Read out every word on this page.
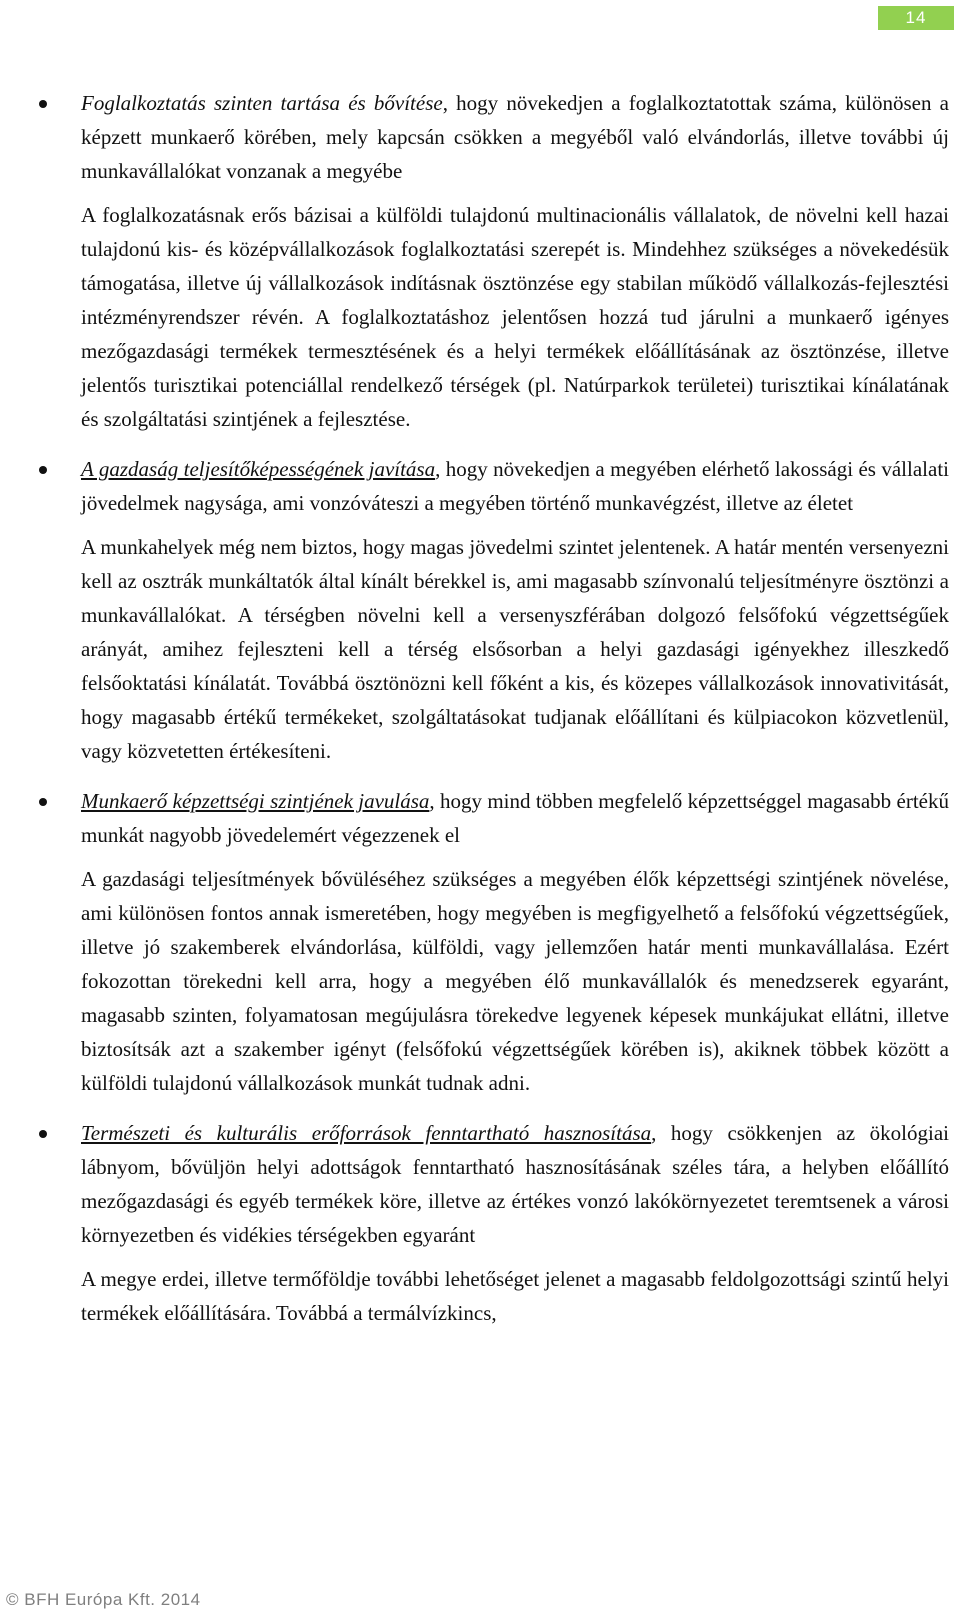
14

Foglalkoztatás szinten tartása és bővítése, hogy növekedjen a foglalkoztatottak száma, különösen a képzett munkaerő körében, mely kapcsán csökken a megyéből való elvándorlás, illetve további új munkavállalókat vonzanak a megyébe

A foglalkozatásnak erős bázisai a külföldi tulajdonú multinacionális vállalatok, de növelni kell hazai tulajdonú kis- és középvállalkozások foglalkoztatási szerepét is. Mindehhez szükséges a növekedésük támogatása, illetve új vállalkozások indításnak ösztönzése egy stabilan működő vállalkozás-fejlesztési intézményrendszer révén. A foglalkoztatáshoz jelentősen hozzá tud járulni a munkaerő igényes mezőgazdasági termékek termesztésének és a helyi termékek előállításának az ösztönzése, illetve jelentős turisztikai potenciállal rendelkező térségek (pl. Natúrparkok területei) turisztikai kínálatának és szolgáltatási szintjének a fejlesztése.

A gazdaság teljesítőképességének javítása, hogy növekedjen a megyében elérhető lakossági és vállalati jövedelmek nagysága, ami vonzóváteszi a megyében történő munkavégzést, illetve az életet

A munkahelyek még nem biztos, hogy magas jövedelmi szintet jelentenek. A határ mentén versenyezni kell az osztrák munkáltatók által kínált bérekkel is, ami magasabb színvonalú teljesítményre ösztönzi a munkavállalókat. A térségben növelni kell a versenyszférában dolgozó felsőfokú végzettségűek arányát, amihez fejleszteni kell a térség elsősorban a helyi gazdasági igényekhez illeszkedő felsőoktatási kínálatát. Továbbá ösztönözni kell főként a kis, és közepes vállalkozások innovativitását, hogy magasabb értékű termékeket, szolgáltatásokat tudjanak előállítani és külpiacokon közvetlenül, vagy közvetetten értékesíteni.

Munkaerő képzettségi szintjének javulása, hogy mind többen megfelelő képzettséggel magasabb értékű munkát nagyobb jövedelemért végezzenek el

A gazdasági teljesítmények bővüléséhez szükséges a megyében élők képzettségi szintjének növelése, ami különösen fontos annak ismeretében, hogy megyében is megfigyelhető a felsőfokú végzettségűek, illetve jó szakemberek elvándorlása, külföldi, vagy jellemzően határ menti munkavállalása. Ezért fokozottan törekedni kell arra, hogy a megyében élő munkavállalók és menedzserek egyaránt, magasabb szinten, folyamatosan megújulásra törekedve legyenek képesek munkájukat ellátni, illetve biztosítsák azt a szakember igényt (felsőfokú végzettségűek körében is), akiknek többek között a külföldi tulajdonú vállalkozások munkát tudnak adni.

Természeti és kulturális erőforrások fenntartható hasznosítása, hogy csökkenjen az ökológiai lábnyom, bővüljön helyi adottságok fenntartható hasznosításának széles tára, a helyben előállító mezőgazdasági és egyéb termékek köre, illetve az értékes vonzó lakókörnyezetet teremtsenek a városi környezetben és vidékies térségekben egyaránt

A megye erdei, illetve termőföldje további lehetőséget jelenet a magasabb feldolgozottsági szintű helyi termékek előállítására. Továbbá a termálvízkincs,

© BFH Európa Kft. 2014
